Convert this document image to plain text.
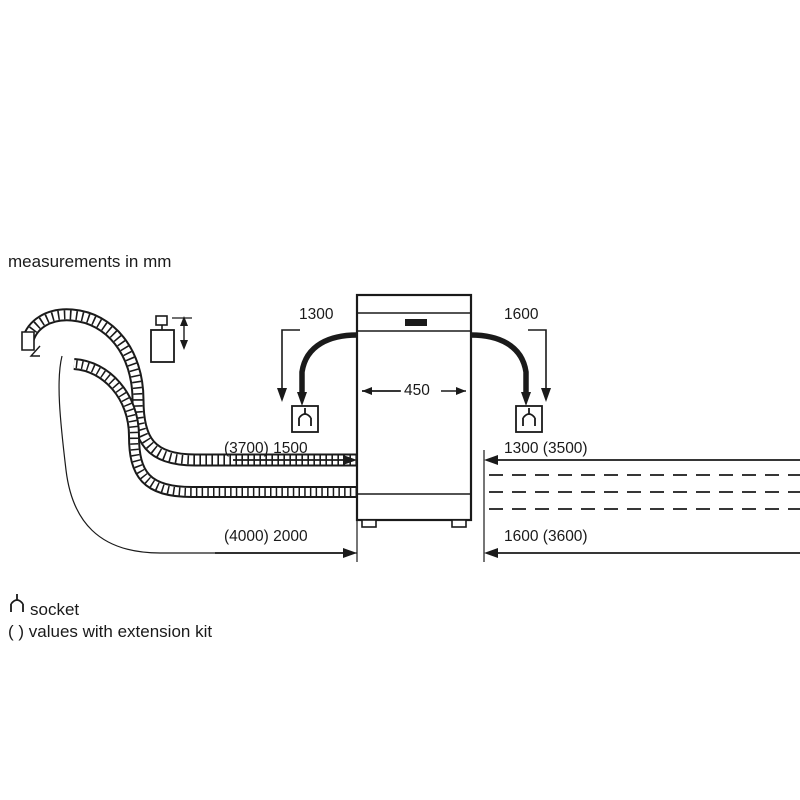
measurements in mm
1300	1600
450
(3700) 1500	1300 (3500)
(4000) 2000	1600 (3600)
socket
( ) values with extension kit
